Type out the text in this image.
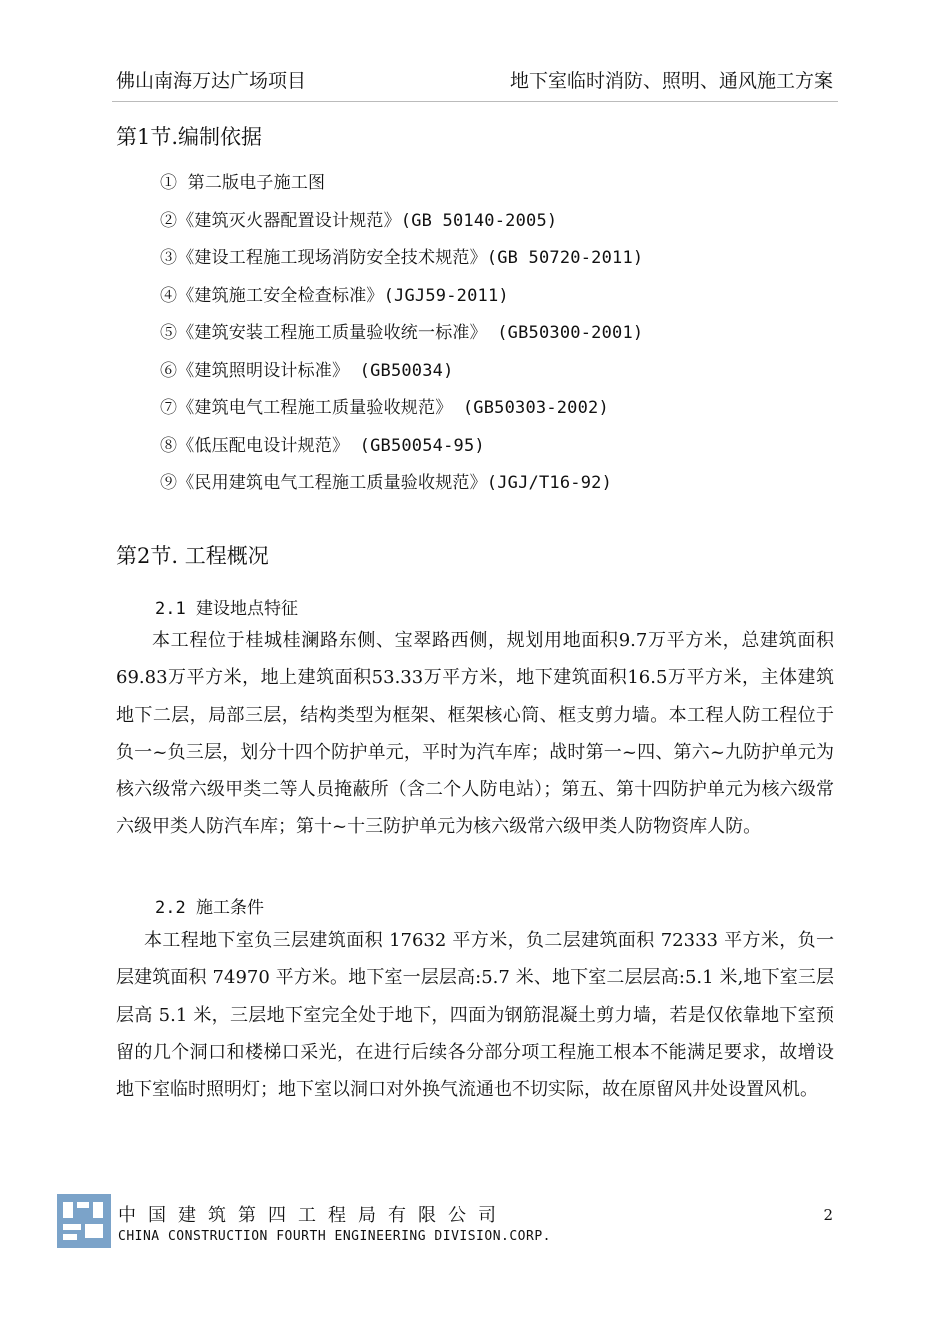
佛山南海万达广场项目	地下室临时消防、照明、通风施工方案
第1节.编制依据
① 第二版电子施工图
②《建筑灭火器配置设计规范》(GB 50140-2005)
③《建设工程施工现场消防安全技术规范》(GB 50720-2011)
④《建筑施工安全检查标准》(JGJ59-2011)
⑤《建筑安装工程施工质量验收统一标准》 (GB50300-2001)
⑥《建筑照明设计标准》 (GB50034)
⑦《建筑电气工程施工质量验收规范》 (GB50303-2002)
⑧《低压配电设计规范》 (GB50054-95)
⑨《民用建筑电气工程施工质量验收规范》(JGJ/T16-92)
第2节. 工程概况
2.1 建设地点特征

本工程位于桂城桂澜路东侧、宝翠路西侧，规划用地面积9.7万平方米，总建筑面积69.83万平方米，地上建筑面积53.33万平方米，地下建筑面积16.5万平方米，主体建筑地下二层，局部三层，结构类型为框架、框架核心筒、框支剪力墙。本工程人防工程位于负一~负三层，划分十四个防护单元，平时为汽车库；战时第一~四、第六~九防护单元为核六级常六级甲类二等人员掩蔽所（含二个人防电站）；第五、第十四防护单元为核六级常六级甲类人防汽车库；第十~十三防护单元为核六级常六级甲类人防物资库人防。

2.2 施工条件

本工程地下室负三层建筑面积 17632 平方米，负二层建筑面积 72333 平方米，负一层建筑面积 74970 平方米。地下室一层层高:5.7 米、地下室二层层高:5.1 米,地下室三层层高 5.1 米，三层地下室完全处于地下，四面为钢筋混凝土剪力墙，若是仅依靠地下室预留的几个洞口和楼梯口采光，在进行后续各分部分项工程施工根本不能满足要求，故增设地下室临时照明灯；地下室以洞口对外换气流通也不切实际，故在原留风井处设置风机。

中国建筑第四工程局有限公司
CHINA CONSTRUCTION FOURTH ENGINEERING DIVISION.CORP.
2
